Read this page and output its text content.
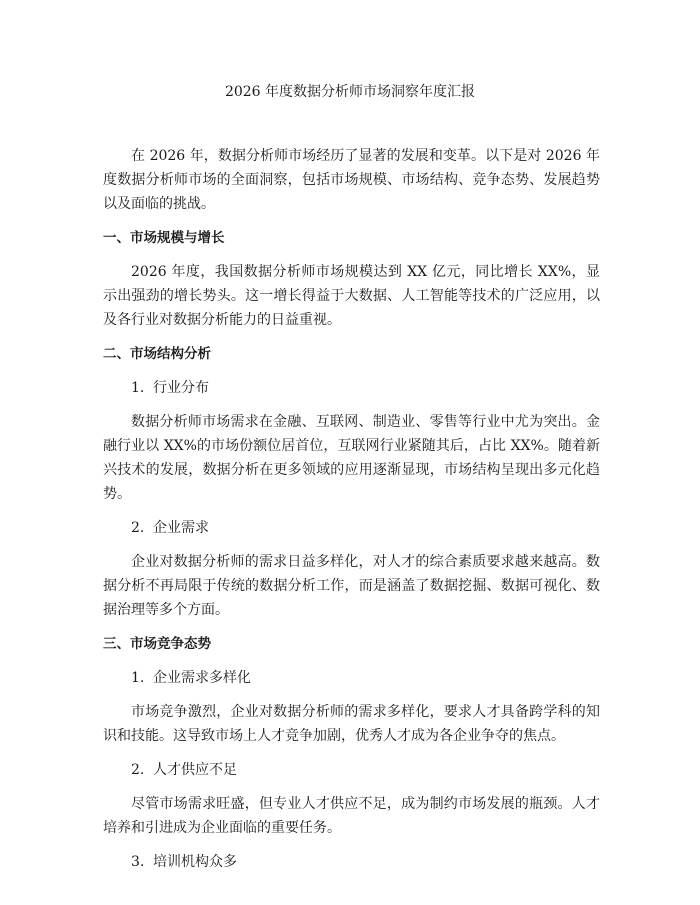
2026 年度数据分析师市场洞察年度汇报

在 2026 年，数据分析师市场经历了显著的发展和变革。以下是对 2026 年度数据分析师市场的全面洞察，包括市场规模、市场结构、竞争态势、发展趋势以及面临的挑战。

一、市场规模与增长

2026 年度，我国数据分析师市场规模达到 XX 亿元，同比增长 XX%，显示出强劲的增长势头。这一增长得益于大数据、人工智能等技术的广泛应用，以及各行业对数据分析能力的日益重视。

二、市场结构分析
1. 行业分布

数据分析师市场需求在金融、互联网、制造业、零售等行业中尤为突出。金融行业以 XX%的市场份额位居首位，互联网行业紧随其后，占比 XX%。随着新兴技术的发展，数据分析在更多领域的应用逐渐显现，市场结构呈现出多元化趋势。

2. 企业需求

企业对数据分析师的需求日益多样化，对人才的综合素质要求越来越高。数据分析不再局限于传统的数据分析工作，而是涵盖了数据挖掘、数据可视化、数据治理等多个方面。

三、市场竞争态势
1. 企业需求多样化

市场竞争激烈，企业对数据分析师的需求多样化，要求人才具备跨学科的知识和技能。这导致市场上人才竞争加剧，优秀人才成为各企业争夺的焦点。

2. 人才供应不足

尽管市场需求旺盛，但专业人才供应不足，成为制约市场发展的瓶颈。人才培养和引进成为企业面临的重要任务。

3. 培训机构众多
